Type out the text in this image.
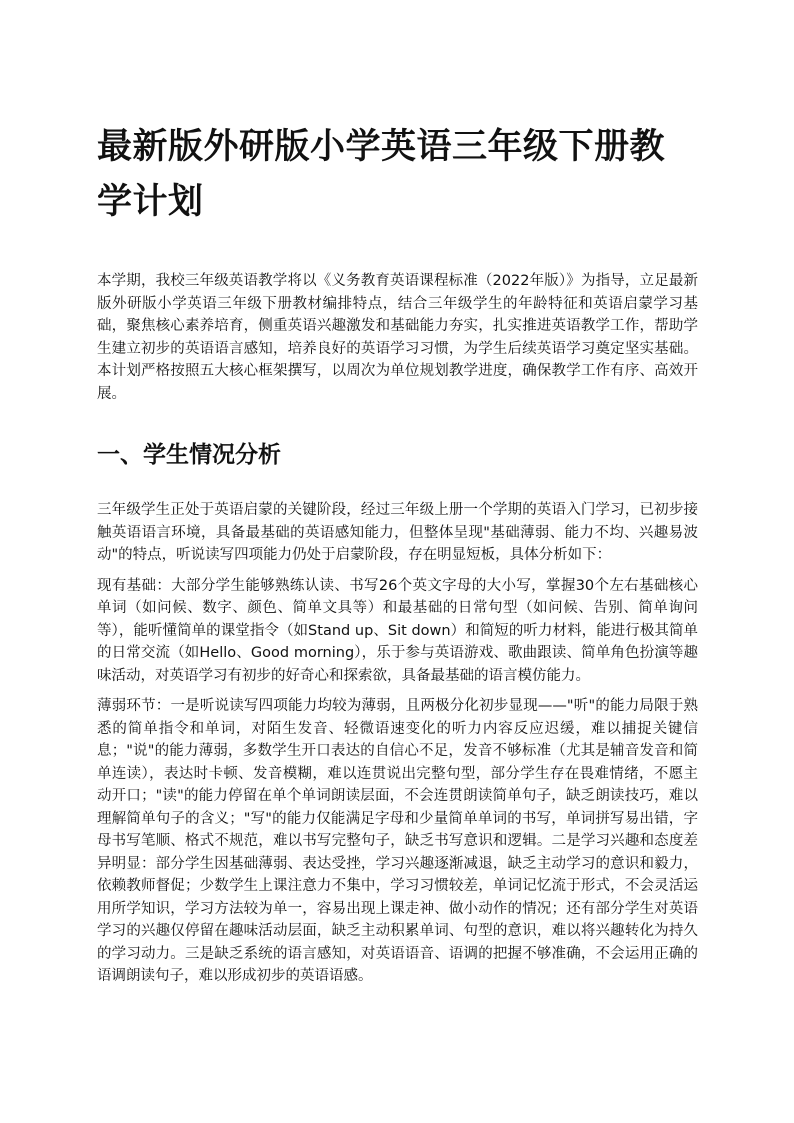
最新版外研版小学英语三年级下册教学计划

本学期，我校三年级英语教学将以《义务教育英语课程标准（2022年版）》为指导，立足最新版外研版小学英语三年级下册教材编排特点，结合三年级学生的年龄特征和英语启蒙学习基础，聚焦核心素养培育，侧重英语兴趣激发和基础能力夯实，扎实推进英语教学工作，帮助学生建立初步的英语语言感知，培养良好的英语学习习惯，为学生后续英语学习奠定坚实基础。本计划严格按照五大核心框架撰写，以周次为单位规划教学进度，确保教学工作有序、高效开展。

一、学生情况分析

三年级学生正处于英语启蒙的关键阶段，经过三年级上册一个学期的英语入门学习，已初步接触英语语言环境，具备最基础的英语感知能力，但整体呈现"基础薄弱、能力不均、兴趣易波动"的特点，听说读写四项能力仍处于启蒙阶段，存在明显短板，具体分析如下：

现有基础：大部分学生能够熟练认读、书写26个英文字母的大小写，掌握30个左右基础核心单词（如问候、数字、颜色、简单文具等）和最基础的日常句型（如问候、告别、简单询问等），能听懂简单的课堂指令（如Stand up、Sit down）和简短的听力材料，能进行极其简单的日常交流（如Hello、Good morning），乐于参与英语游戏、歌曲跟读、简单角色扮演等趣味活动，对英语学习有初步的好奇心和探索欲，具备最基础的语言模仿能力。

薄弱环节：一是听说读写四项能力均较为薄弱，且两极分化初步显现——"听"的能力局限于熟悉的简单指令和单词，对陌生发音、轻微语速变化的听力内容反应迟缓，难以捕捉关键信息；"说"的能力薄弱，多数学生开口表达的自信心不足，发音不够标准（尤其是辅音发音和简单连读），表达时卡顿、发音模糊，难以连贯说出完整句型，部分学生存在畏难情绪，不愿主动开口；"读"的能力停留在单个单词朗读层面，不会连贯朗读简单句子，缺乏朗读技巧，难以理解简单句子的含义；"写"的能力仅能满足字母和少量简单单词的书写，单词拼写易出错，字母书写笔顺、格式不规范，难以书写完整句子，缺乏书写意识和逻辑。二是学习兴趣和态度差异明显：部分学生因基础薄弱、表达受挫，学习兴趣逐渐减退，缺乏主动学习的意识和毅力，依赖教师督促；少数学生上课注意力不集中，学习习惯较差，单词记忆流于形式，不会灵活运用所学知识，学习方法较为单一，容易出现上课走神、做小动作的情况；还有部分学生对英语学习的兴趣仅停留在趣味活动层面，缺乏主动积累单词、句型的意识，难以将兴趣转化为持久的学习动力。三是缺乏系统的语言感知，对英语语音、语调的把握不够准确，不会运用正确的语调朗读句子，难以形成初步的英语语感。
